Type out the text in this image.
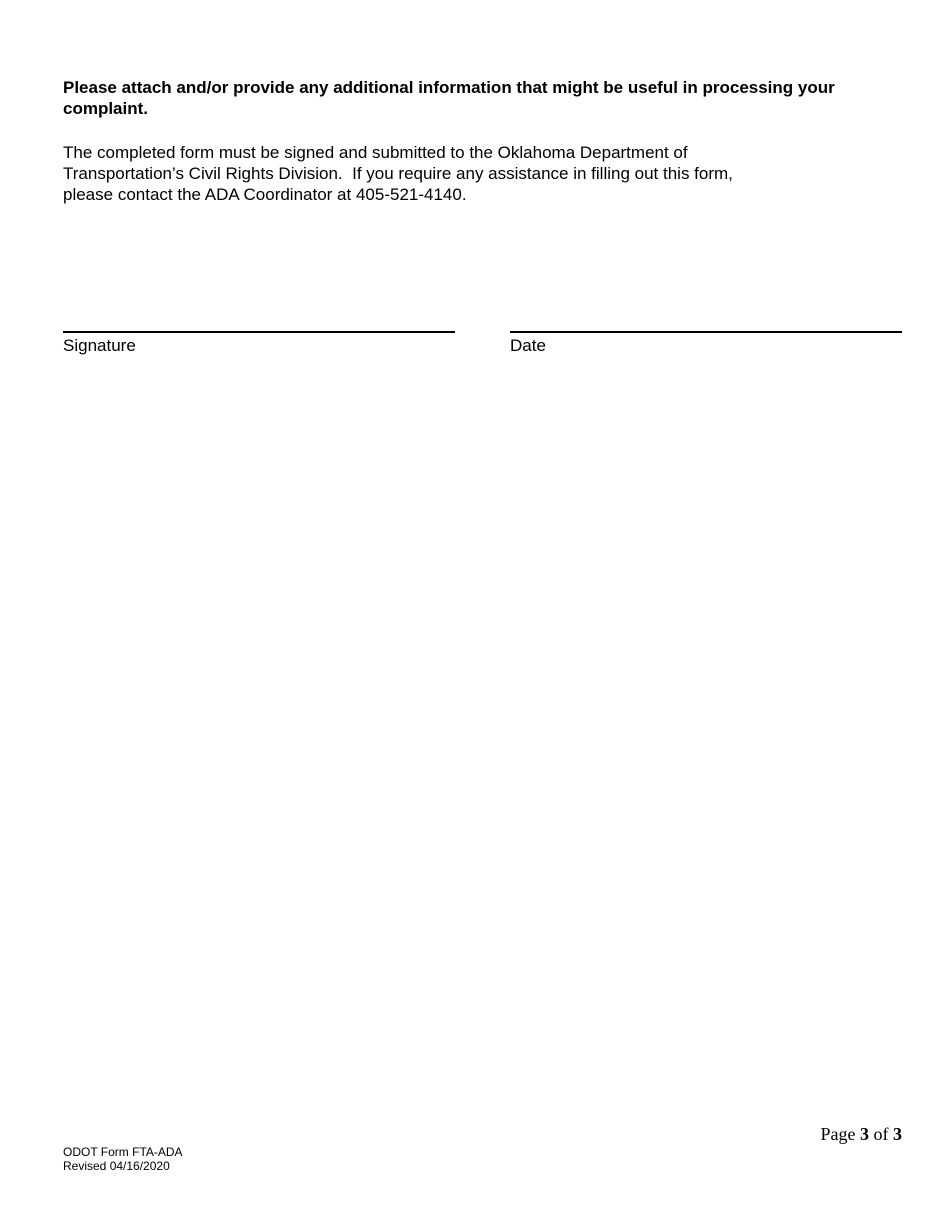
Please attach and/or provide any additional information that might be useful in processing your complaint.

The completed form must be signed and submitted to the Oklahoma Department of
Transportation’s Civil Rights Division.  If you require any assistance in filling out this form,
please contact the ADA Coordinator at 405-521-4140.
Signature	Date
Page 3 of 3
ODOT Form FTA-ADA
Revised 04/16/2020
